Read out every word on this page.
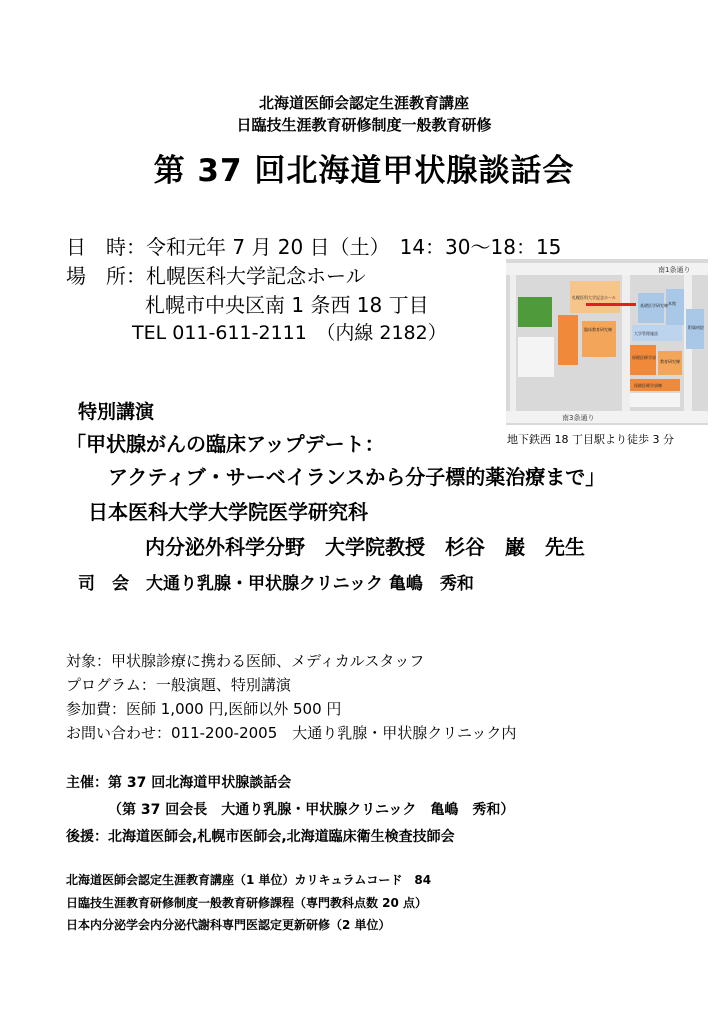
北海道医師会認定生涯教育講座
日臨技生涯教育研修制度一般教育研修
第 37 回北海道甲状腺談話会
日　時：令和元年 7 月 20 日（土）　14：30〜18：15
場　所：札幌医科大学記念ホール
札幌市中央区南 1 条西 18 丁目
TEL 011-611-2111　（内線 2182）
南1条通り
南3条通り
基礎医学研究棟
札幌医科大学記念ホール
臨床教育研究棟
本館
附属病院
大学管理施設
保健医療学部
教育研究棟
保健医療学部棟
地下鉄西 18 丁目駅より徒歩 3 分
特別講演
「甲状腺がんの臨床アップデート：
アクティブ・サーベイランスから分子標的薬治療まで」
日本医科大学大学院医学研究科
内分泌外科学分野　大学院教授　杉谷　巌　先生
司　会　大通り乳腺・甲状腺クリニック 亀嶋　秀和
対象：甲状腺診療に携わる医師、メディカルスタッフ
プログラム：一般演題、特別講演
参加費：医師 1,000 円,医師以外 500 円
お問い合わせ：011-200-2005　大通り乳腺・甲状腺クリニック内
主催：第 37 回北海道甲状腺談話会
（第 37 回会長　大通り乳腺・甲状腺クリニック　亀嶋　秀和）
後援：北海道医師会,札幌市医師会,北海道臨床衛生検査技師会
北海道医師会認定生涯教育講座（1 単位）カリキュラムコード　84
日臨技生涯教育研修制度一般教育研修課程（専門教科点数 20 点）
日本内分泌学会内分泌代謝科専門医認定更新研修（2 単位）
